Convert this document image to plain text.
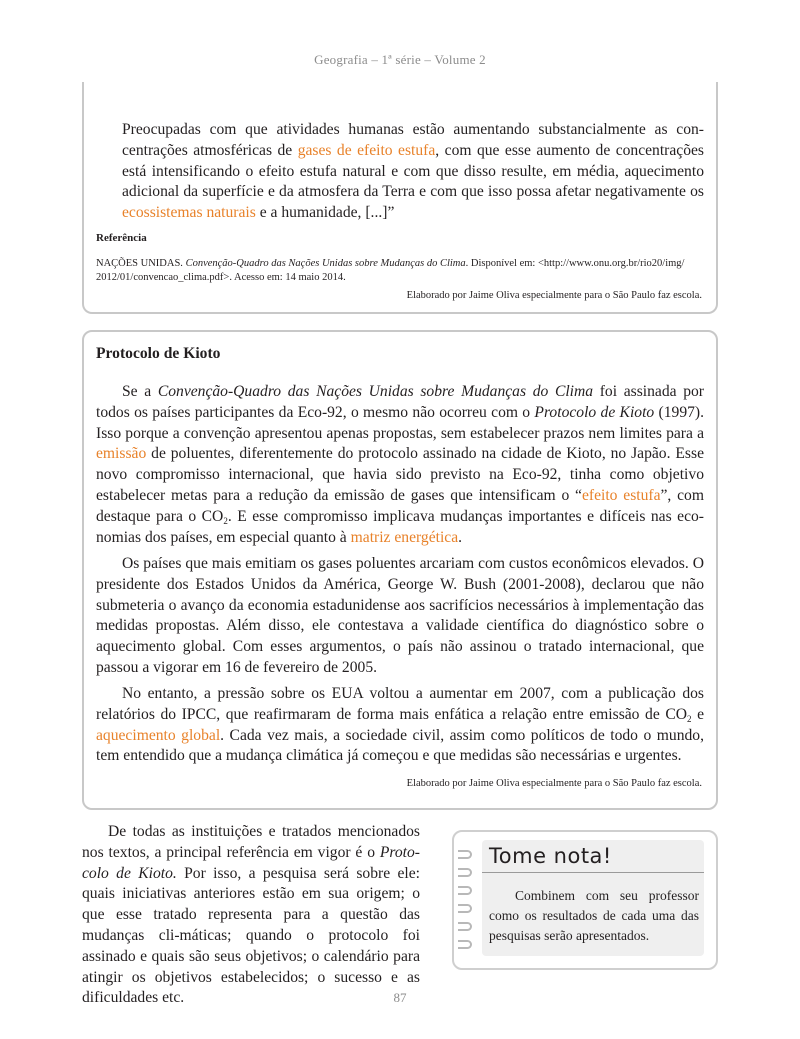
Geografia – 1ª série – Volume 2
Preocupadas com que atividades humanas estão aumentando substancialmente as con-centrações atmosféricas de gases de efeito estufa, com que esse aumento de concentrações está intensificando o efeito estufa natural e com que disso resulte, em média, aquecimento adicional da superfície e da atmosfera da Terra e com que isso possa afetar negativamente os ecossistemas naturais e a humanidade, [...]”
Referência
NAÇÕES UNIDAS. Convenção-Quadro das Nações Unidas sobre Mudanças do Clima. Disponível em: <http://www.onu.org.br/rio20/img/ 2012/01/convencao_clima.pdf>. Acesso em: 14 maio 2014.
Elaborado por Jaime Oliva especialmente para o São Paulo faz escola.
Protocolo de Kioto
Se a Convenção-Quadro das Nações Unidas sobre Mudanças do Clima foi assinada por todos os países participantes da Eco-92, o mesmo não ocorreu com o Protocolo de Kioto (1997). Isso porque a convenção apresentou apenas propostas, sem estabelecer prazos nem limites para a emissão de poluentes, diferentemente do protocolo assinado na cidade de Kioto, no Japão. Esse novo compromisso internacional, que havia sido previsto na Eco-92, tinha como objetivo estabelecer metas para a redução da emissão de gases que intensificam o “efeito estufa”, com destaque para o $CO_2$. E esse compromisso implicava mudanças importantes e difíceis nas eco-nomias dos países, em especial quanto à matriz energética.
Os países que mais emitiam os gases poluentes arcariam com custos econômicos elevados. O presidente dos Estados Unidos da América, George W. Bush (2001-2008), declarou que não submeteria o avanço da economia estadunidense aos sacrifícios necessários à implementação das medidas propostas. Além disso, ele contestava a validade científica do diagnóstico sobre o aquecimento global. Com esses argumentos, o país não assinou o tratado internacional, que passou a vigorar em 16 de fevereiro de 2005.
No entanto, a pressão sobre os EUA voltou a aumentar em 2007, com a publicação dos relatórios do IPCC, que reafirmaram de forma mais enfática a relação entre emissão de $CO_2$ e aquecimento global. Cada vez mais, a sociedade civil, assim como políticos de todo o mundo, tem entendido que a mudança climática já começou e que medidas são necessárias e urgentes.
Elaborado por Jaime Oliva especialmente para o São Paulo faz escola.
De todas as instituições e tratados mencionados nos textos, a principal referência em vigor é o Proto-colo de Kioto. Por isso, a pesquisa será sobre ele: quais iniciativas anteriores estão em sua origem; o que esse tratado representa para a questão das mudanças cli-máticas; quando o protocolo foi assinado e quais são seus objetivos; o calendário para atingir os objetivos estabelecidos; o sucesso e as dificuldades etc.
Tome nota!
Combinem com seu professor como os resultados de cada uma das pesquisas serão apresentados.
87
